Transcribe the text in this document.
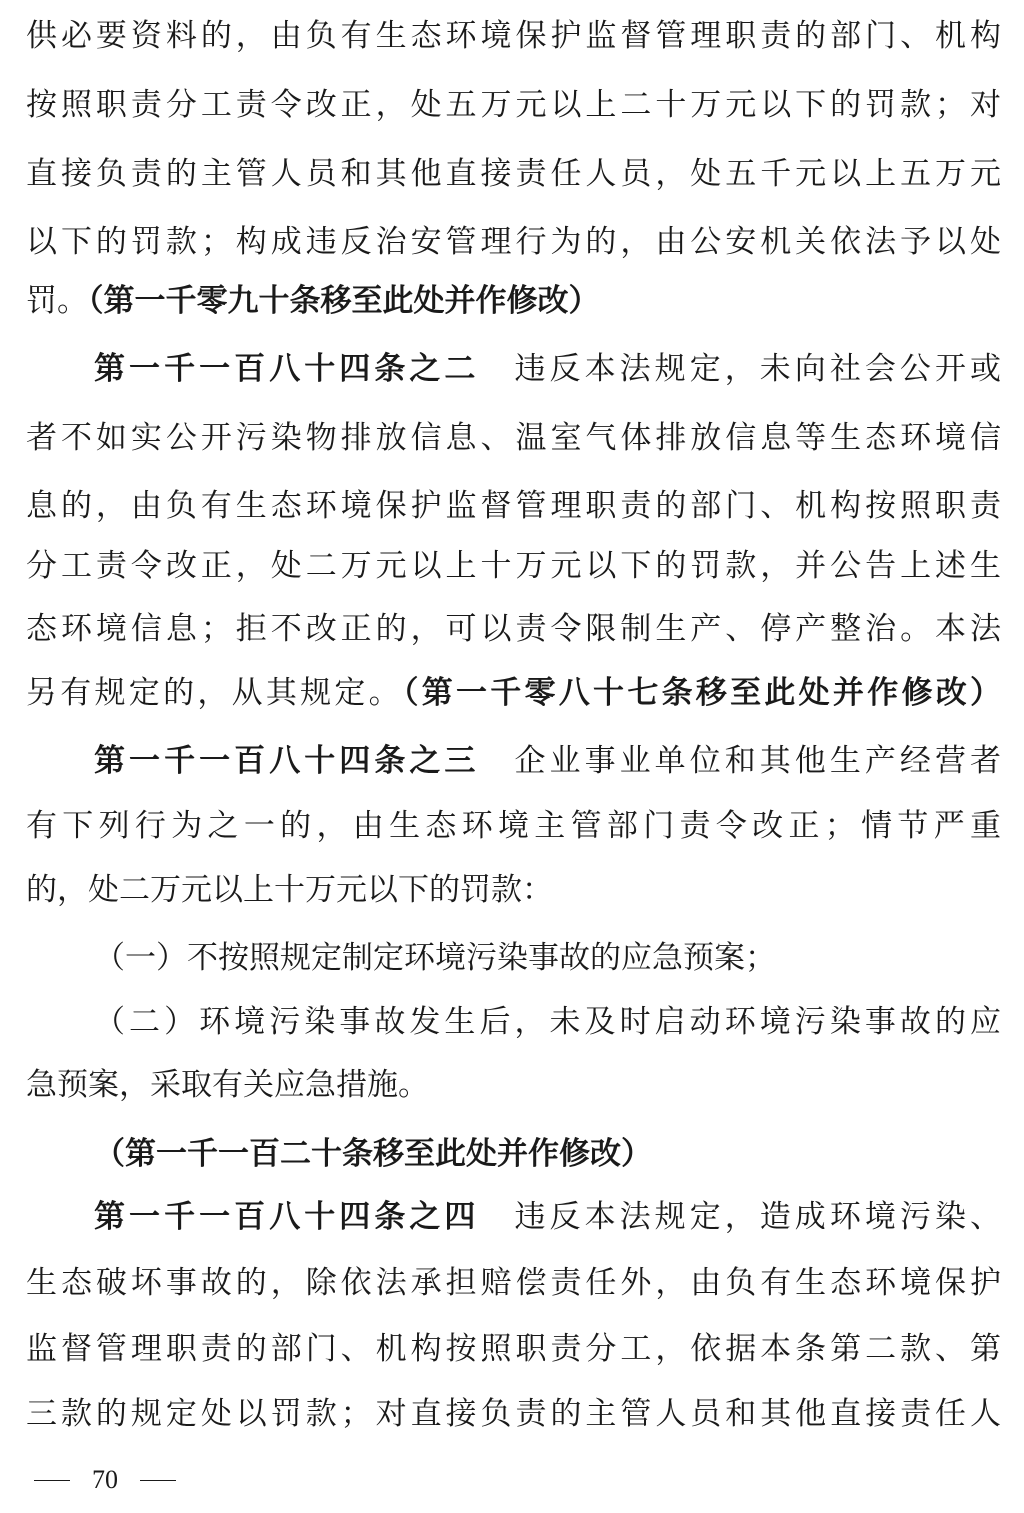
供必要资料的，由负有生态环境保护监督管理职责的部门、机构
按照职责分工责令改正，处五万元以上二十万元以下的罚款；对
直接负责的主管人员和其他直接责任人员，处五千元以上五万元
以下的罚款；构成违反治安管理行为的，由公安机关依法予以处
罚。（第一千零九十条移至此处并作修改）
第一千一百八十四条之二　违反本法规定，未向社会公开或
者不如实公开污染物排放信息、温室气体排放信息等生态环境信
息的，由负有生态环境保护监督管理职责的部门、机构按照职责
分工责令改正，处二万元以上十万元以下的罚款，并公告上述生
态环境信息；拒不改正的，可以责令限制生产、停产整治。本法
另有规定的，从其规定。（第一千零八十七条移至此处并作修改）
第一千一百八十四条之三　企业事业单位和其他生产经营者
有下列行为之一的，由生态环境主管部门责令改正；情节严重
的，处二万元以上十万元以下的罚款：
（一）不按照规定制定环境污染事故的应急预案；
（二）环境污染事故发生后，未及时启动环境污染事故的应
急预案，采取有关应急措施。
（第一千一百二十条移至此处并作修改）
第一千一百八十四条之四　违反本法规定，造成环境污染、
生态破坏事故的，除依法承担赔偿责任外，由负有生态环境保护
监督管理职责的部门、机构按照职责分工，依据本条第二款、第
三款的规定处以罚款；对直接负责的主管人员和其他直接责任人
70
